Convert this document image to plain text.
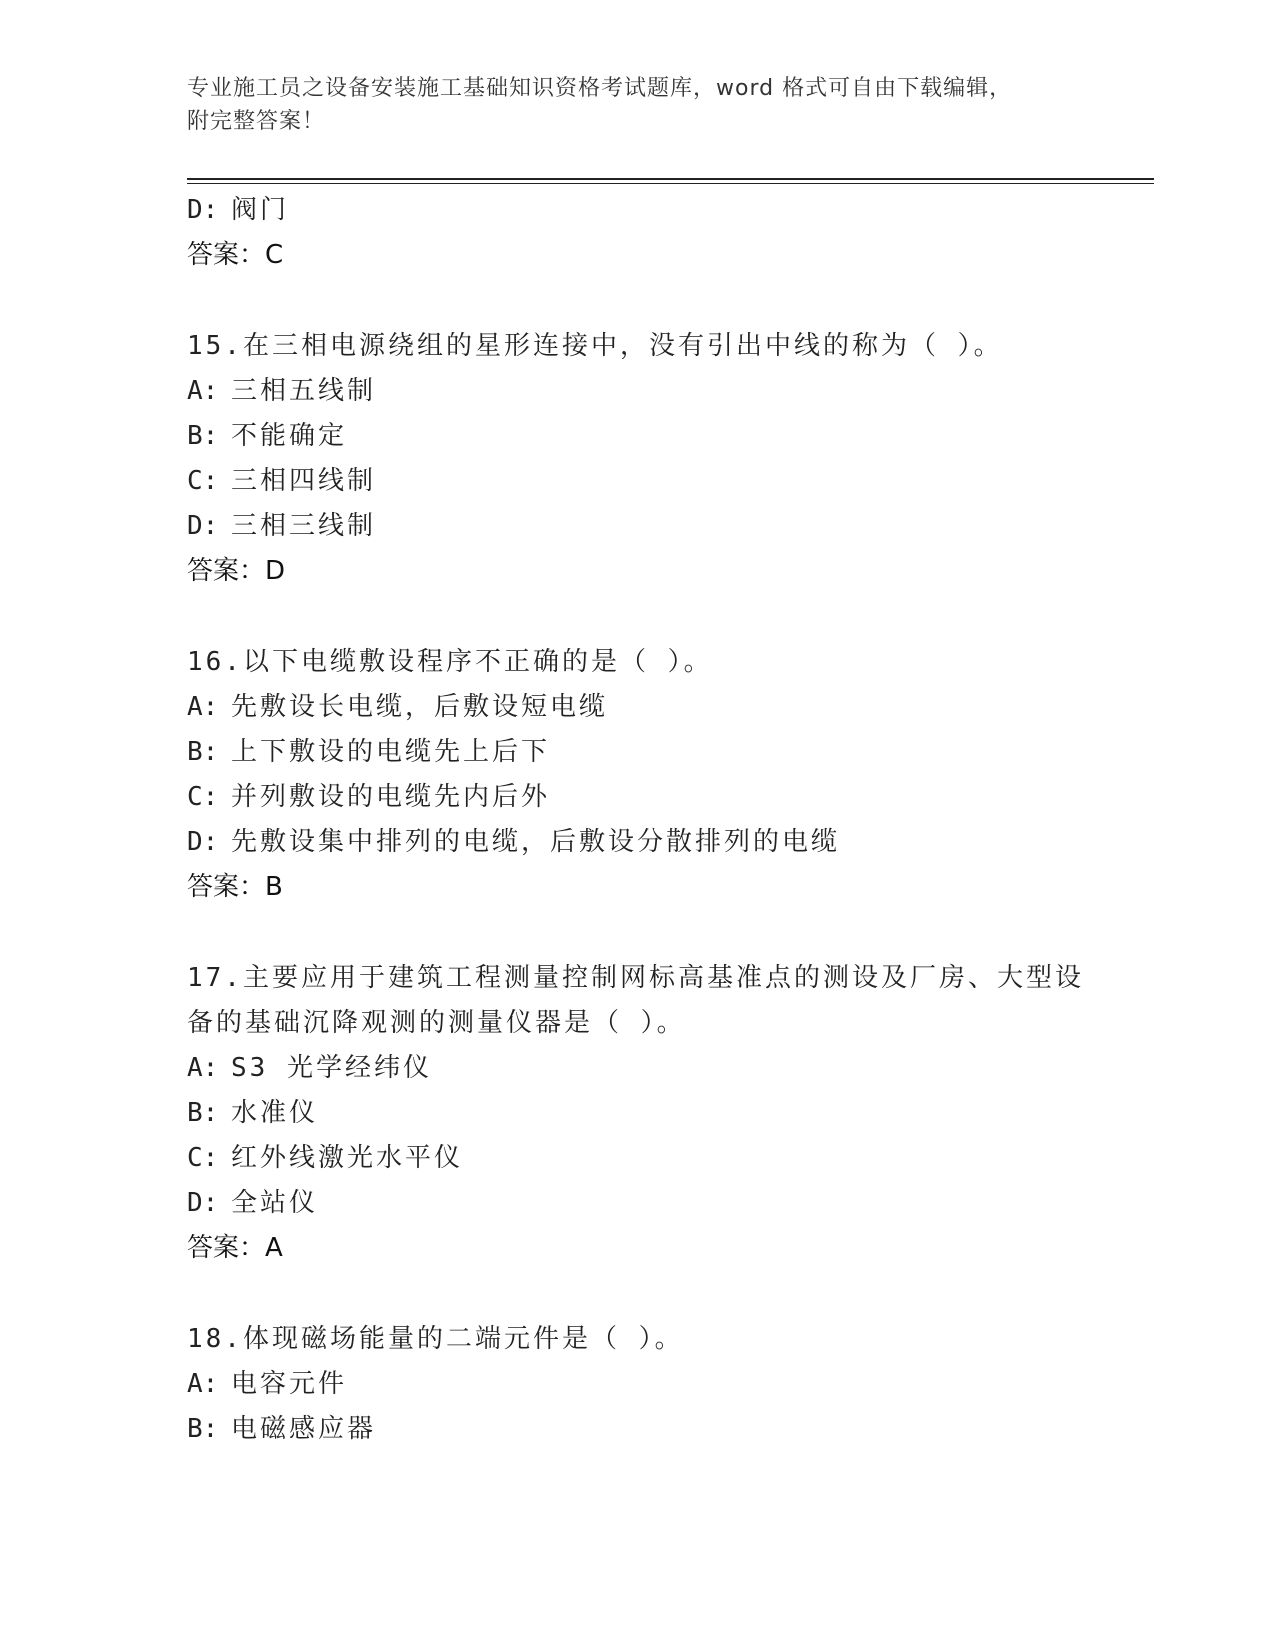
专业施工员之设备安装施工基础知识资格考试题库，word 格式可自由下载编辑，
附完整答案！
D: 阀门
答案：C
15.在三相电源绕组的星形连接中，没有引出中线的称为（ ）。
A: 三相五线制
B: 不能确定
C: 三相四线制
D: 三相三线制
答案：D
16.以下电缆敷设程序不正确的是（ ）。
A: 先敷设长电缆，后敷设短电缆
B: 上下敷设的电缆先上后下
C: 并列敷设的电缆先内后外
D: 先敷设集中排列的电缆，后敷设分散排列的电缆
答案：B
17.主要应用于建筑工程测量控制网标高基准点的测设及厂房、大型设
备的基础沉降观测的测量仪器是（ ）。
A: S3 光学经纬仪
B: 水准仪
C: 红外线激光水平仪
D: 全站仪
答案：A
18.体现磁场能量的二端元件是（ ）。
A: 电容元件
B: 电磁感应器
